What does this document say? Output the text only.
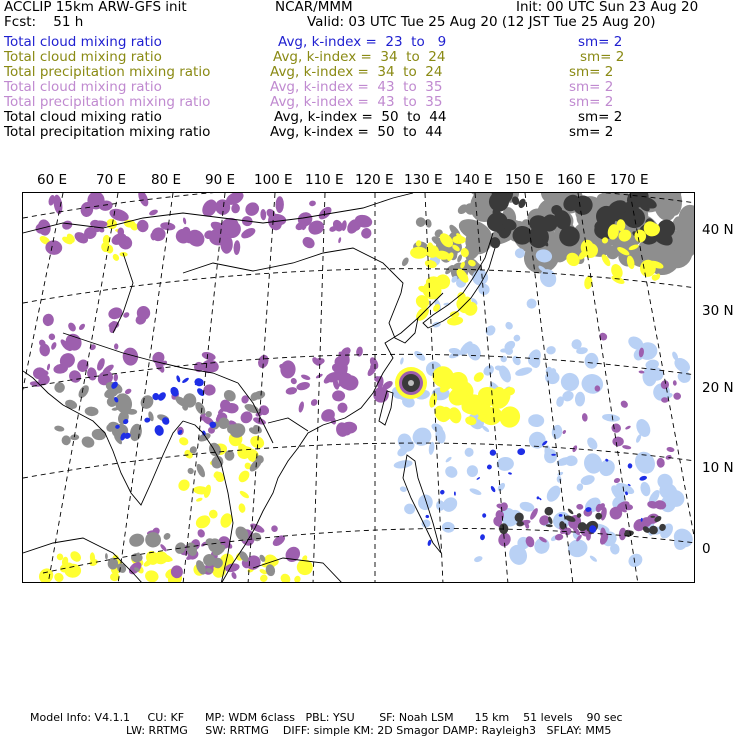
ACCLIP 15km ARW-GFS init	NCAR/MMM	Init: 00 UTC Sun 23 Aug 20
Fcst:    51 h	Valid: 03 UTC Tue 25 Aug 20 (12 JST Tue 25 Aug 20)
Total cloud mixing ratio	Avg, k-index =  23  to   9	sm= 2
Total cloud mixing ratio	Avg, k-index =  34  to  24	sm= 2
Total precipitation mixing ratio	Avg, k-index =  34  to  24	sm= 2
Total cloud mixing ratio	Avg, k-index =  43  to  35	sm= 2
Total precipitation mixing ratio	Avg, k-index =  43  to  35	sm= 2
Total cloud mixing ratio	Avg, k-index =  50  to  44	sm= 2
Total precipitation mixing ratio	Avg, k-index =  50  to  44	sm= 2
60 E 70 E 80 E 90 E 100 E 110 E 120 E 130 E 140 E 150 E 160 E 170 E
40 N
30 N
20 N
10 N
0
Model Info: V4.1.1     CU: KF      MP: WDM 6class   PBL: YSU       SF: Noah LSM      15 km    51 levels    90 sec
LW: RRTMG     SW: RRTMG    DIFF: simple KM: 2D Smagor DAMP: Rayleigh3   SFLAY: MM5
